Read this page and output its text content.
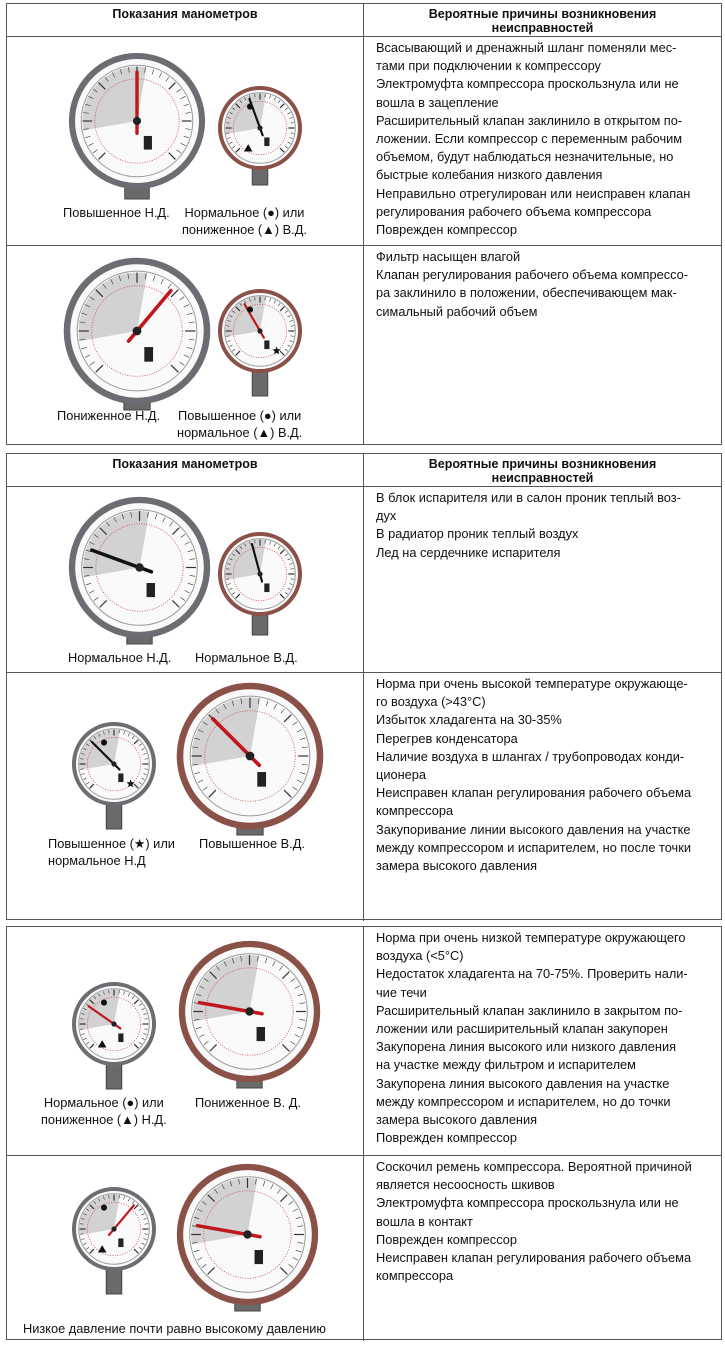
Показания манометров	Вероятные причины возникновения
неисправностей
Повышенное Н.Д. Нормальное (●) или
пониженное (▲) В.Д.
Всасывающий и дренажный шланг поменяли мес-
тами при подключении к компрессору
Электромуфта компрессора проскользнула или не
вошла в зацепление
Расширительный клапан заклинило в открытом по-
ложении. Если компрессор с переменным рабочим
объемом, будут наблюдаться незначительные, но
быстрые колебания низкого давления
Неправильно отрегулирован или неисправен клапан
регулирования рабочего объема компрессора
Поврежден компрессор
Пониженное Н.Д. Повышенное (●) или
нормальное (▲) В.Д.
Фильтр насыщен влагой
Клапан регулирования рабочего объема компрессо-
ра заклинило в положении, обеспечивающем мак-
симальный рабочий объем
Показания манометров	Вероятные причины возникновения
неисправностей
Нормальное Н.Д. Нормальное В.Д.
В блок испарителя или в салон проник теплый воз-
дух
В радиатор проник теплый воздух
Лед на сердечнике испарителя
Повышенное (★) или
нормальное Н.Д
Повышенное В.Д.
Норма при очень высокой температуре окружающе-
го воздуха (>43°С)
Избыток хладагента на 30-35%
Перегрев конденсатора
Наличие воздуха в шлангах / трубопроводах конди-
ционера
Неисправен клапан регулирования рабочего объема
компрессора
Закупоривание линии высокого давления на участке
между компрессором и испарителем, но после точки
замера высокого давления
Нормальное (●) или
пониженное (▲) Н.Д.
Пониженное В. Д.
Норма при очень низкой температуре окружающего
воздуха (<5°С)
Недостаток хладагента на 70-75%. Проверить нали-
чие течи
Расширительный клапан заклинило в закрытом по-
ложении или расширительный клапан закупорен
Закупорена линия высокого или низкого давления
на участке между фильтром и испарителем
Закупорена линия высокого давления на участке
между компрессором и испарителем, но до точки
замера высокого давления
Поврежден компрессор
Низкое давление почти равно высокому давлению
Соскочил ремень компрессора. Вероятной причиной
является несоосность шкивов
Электромуфта компрессора проскользнула или не
вошла в контакт
Поврежден компрессор
Неисправен клапан регулирования рабочего объема
компрессора
